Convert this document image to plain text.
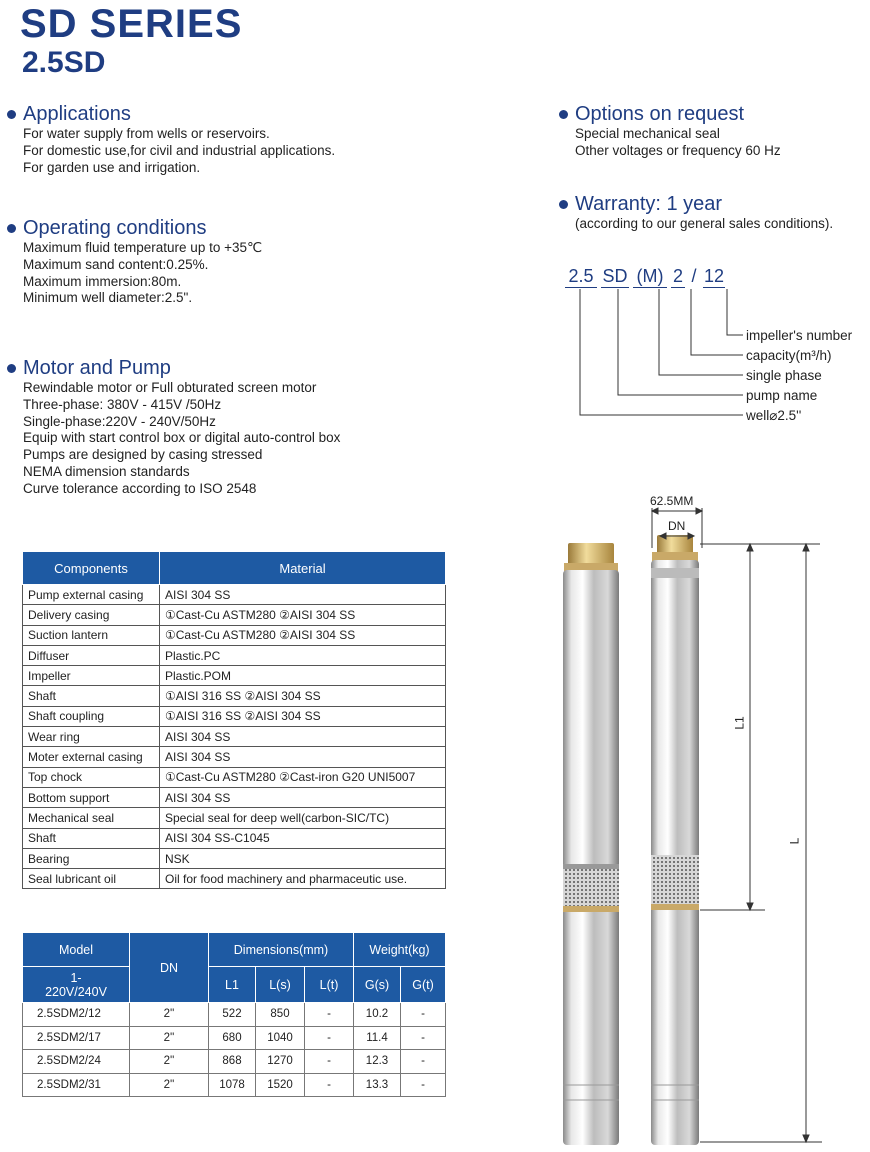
SD SERIES
2.5SD
Applications
For water supply from wells or reservoirs.
For domestic use,for civil and industrial applications.
For garden use and irrigation.
Operating conditions
Maximum fluid temperature up to +35℃
Maximum sand content:0.25%.
Maximum immersion:80m.
Minimum well diameter:2.5".
Motor and Pump
Rewindable motor or Full obturated screen motor
Three-phase: 380V - 415V /50Hz
Single-phase:220V - 240V/50Hz
Equip with start control box or digital auto-control box
Pumps are designed by casing stressed
NEMA dimension standards
Curve tolerance according to ISO 2548
Options on request
Special mechanical seal
Other voltages or frequency 60 Hz
Warranty: 1 year
(according to our general sales conditions).
2.5 SD (M) 2 / 12
impeller's number
capacity(m³/h)
single phase
pump name
well⌀2.5''
Components	Material
Pump external casing	AISI 304 SS
Delivery casing	①Cast-Cu ASTM280 ②AISI 304 SS
Suction lantern	①Cast-Cu ASTM280 ②AISI 304 SS
Diffuser	Plastic.PC
Impeller	Plastic.POM
Shaft	①AISI 316 SS ②AISI 304 SS
Shaft coupling	①AISI 316 SS ②AISI 304 SS
Wear ring	AISI 304 SS
Moter external casing	AISI 304 SS
Top chock	①Cast-Cu ASTM280 ②Cast-iron G20 UNI5007
Bottom support	AISI 304 SS
Mechanical seal	Special seal for deep well(carbon-SIC/TC)
Shaft	AISI 304 SS-C1045
Bearing	NSK
Seal lubricant oil	Oil for food machinery and pharmaceutic use.
Model	DN	Dimensions(mm)			Weight(kg)	

1-
220V/240V		L1	L(s)	L(t)	G(s)	G(t)
2.5SDM2/12	2''	522	850	-	10.2	-
2.5SDM2/17	2''	680	1040	-	11.4	-
2.5SDM2/24	2''	868	1270	-	12.3	-
2.5SDM2/31	2''	1078	1520	-	13.3	-
62.5MM
DN
L1
L
